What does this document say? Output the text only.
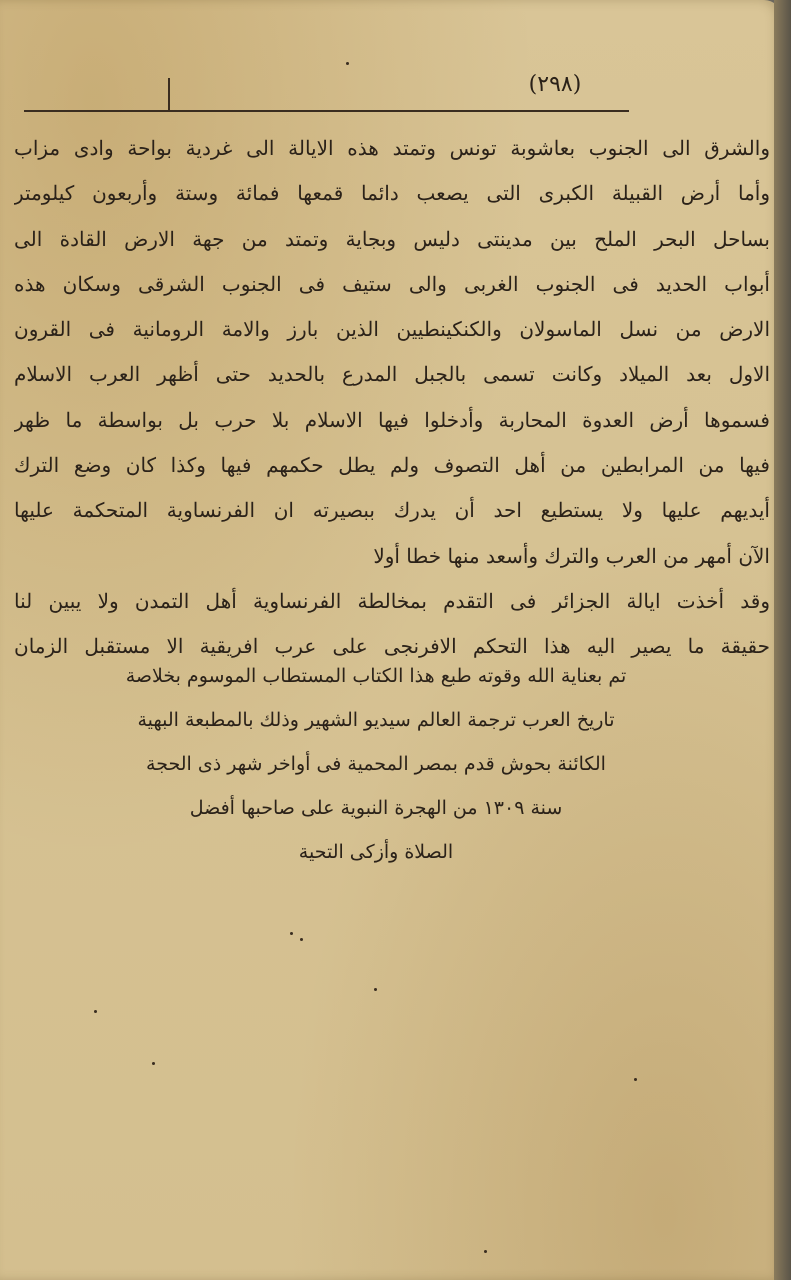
(٢٩٨)
والشرق الى الجنوب بعاشوبة تونس وتمتد هذه الايالة الى غردية بواحة وادى مزاب
وأما أرض القبيلة الكبرى التى يصعب دائما قمعها فمائة وستة وأربعون كيلومتر
بساحل البحر الملح بين مدينتى دليس وبجاية وتمتد من جهة الارض القادة الى
أبواب الحديد فى الجنوب الغربى والى ستيف فى الجنوب الشرقى وسكان هذه
الارض من نسل الماسولان والكنكينطيين الذين بارز والامة الرومانية فى القرون
الاول بعد الميلاد وكانت تسمى بالجبل المدرع بالحديد حتى أظهر العرب الاسلام
فسموها أرض العدوة المحاربة وأدخلوا فيها الاسلام بلا حرب بل بواسطة ما ظهر
فيها من المرابطين من أهل التصوف ولم يطل حكمهم فيها وكذا كان وضع الترك
أيديهم عليها ولا يستطيع احد أن يدرك ببصيرته ان الفرنساوية المتحكمة عليها
الآن أمهر من العرب والترك وأسعد منها خطا أولا
وقد أخذت ايالة الجزائر فى التقدم بمخالطة الفرنساوية أهل التمدن ولا يبين لنا
حقيقة ما يصير اليه هذا التحكم الافرنجى على عرب افريقية الا مستقبل الزمان
تم بعناية الله وقوته طبع هذا الكتاب المستطاب الموسوم بخلاصة
تاريخ العرب ترجمة العالم سيديو الشهير وذلك بالمطبعة البهية
الكائنة بحوش قدم بمصر المحمية فى أواخر شهر ذى الحجة
سنة ١٣٠٩ من الهجرة النبوية على صاحبها أفضل
الصلاة وأزكى التحية
